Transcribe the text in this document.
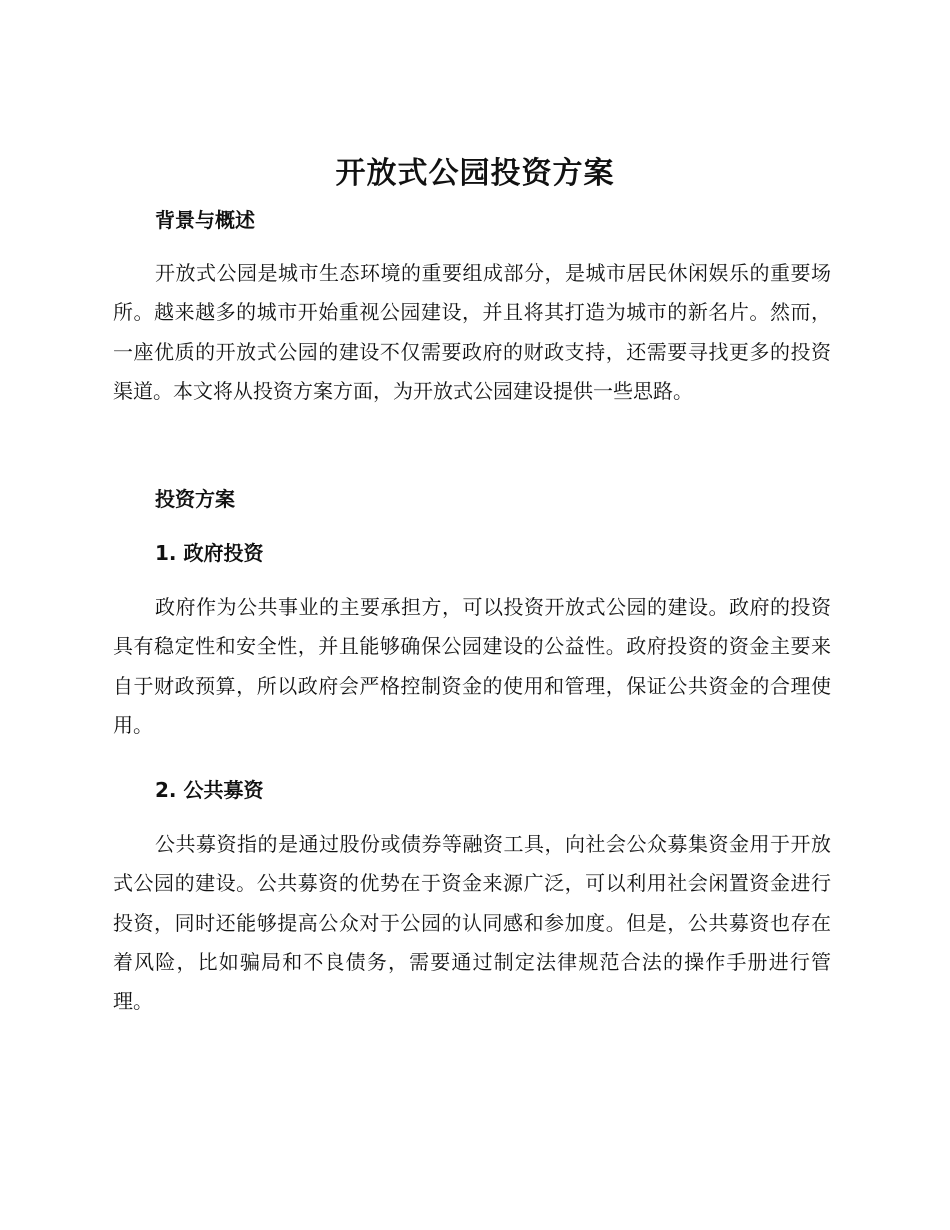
开放式公园投资方案
背景与概述

开放式公园是城市生态环境的重要组成部分，是城市居民休闲娱乐的重要场所。越来越多的城市开始重视公园建设，并且将其打造为城市的新名片。然而，一座优质的开放式公园的建设不仅需要政府的财政支持，还需要寻找更多的投资渠道。本文将从投资方案方面，为开放式公园建设提供一些思路。

投资方案
1. 政府投资

政府作为公共事业的主要承担方，可以投资开放式公园的建设。政府的投资具有稳定性和安全性，并且能够确保公园建设的公益性。政府投资的资金主要来自于财政预算，所以政府会严格控制资金的使用和管理，保证公共资金的合理使用。

2. 公共募资

公共募资指的是通过股份或债券等融资工具，向社会公众募集资金用于开放式公园的建设。公共募资的优势在于资金来源广泛，可以利用社会闲置资金进行投资，同时还能够提高公众对于公园的认同感和参加度。但是，公共募资也存在着风险，比如骗局和不良债务，需要通过制定法律规范合法的操作手册进行管理。
